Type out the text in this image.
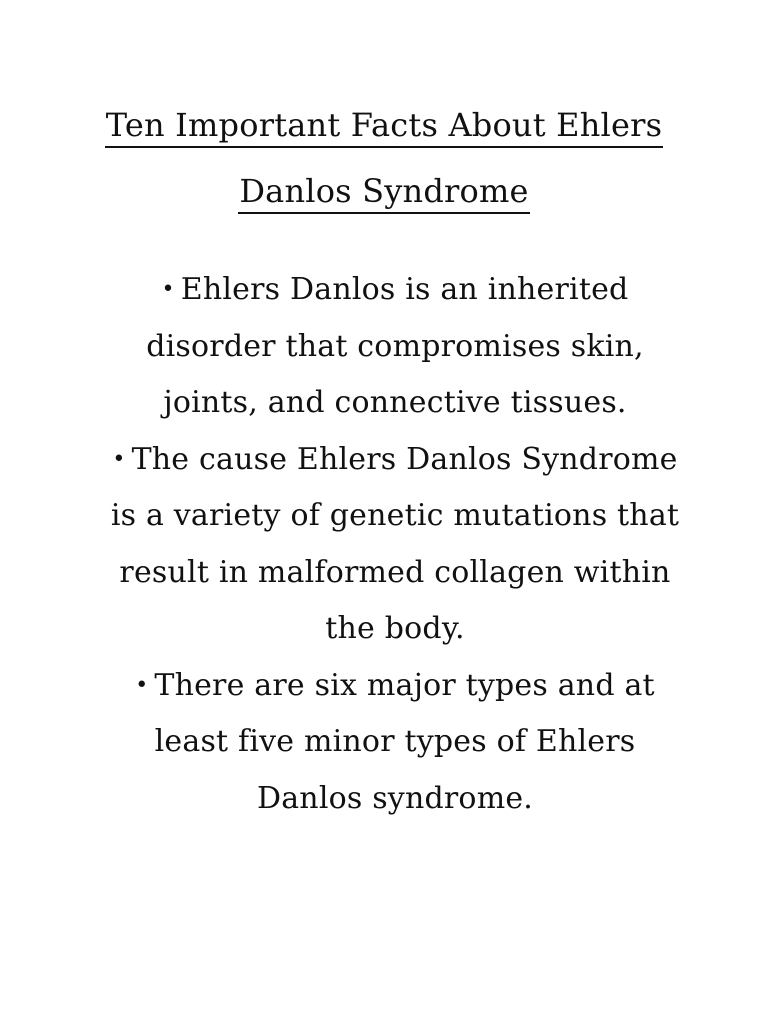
Ten Important Facts About Ehlers
Danlos Syndrome

• Ehlers Danlos is an inherited disorder that compromises skin, joints, and connective tissues.

• The cause Ehlers Danlos Syndrome is a variety of genetic mutations that result in malformed collagen within the body.

• There are six major types and at least five minor types of Ehlers Danlos syndrome.
